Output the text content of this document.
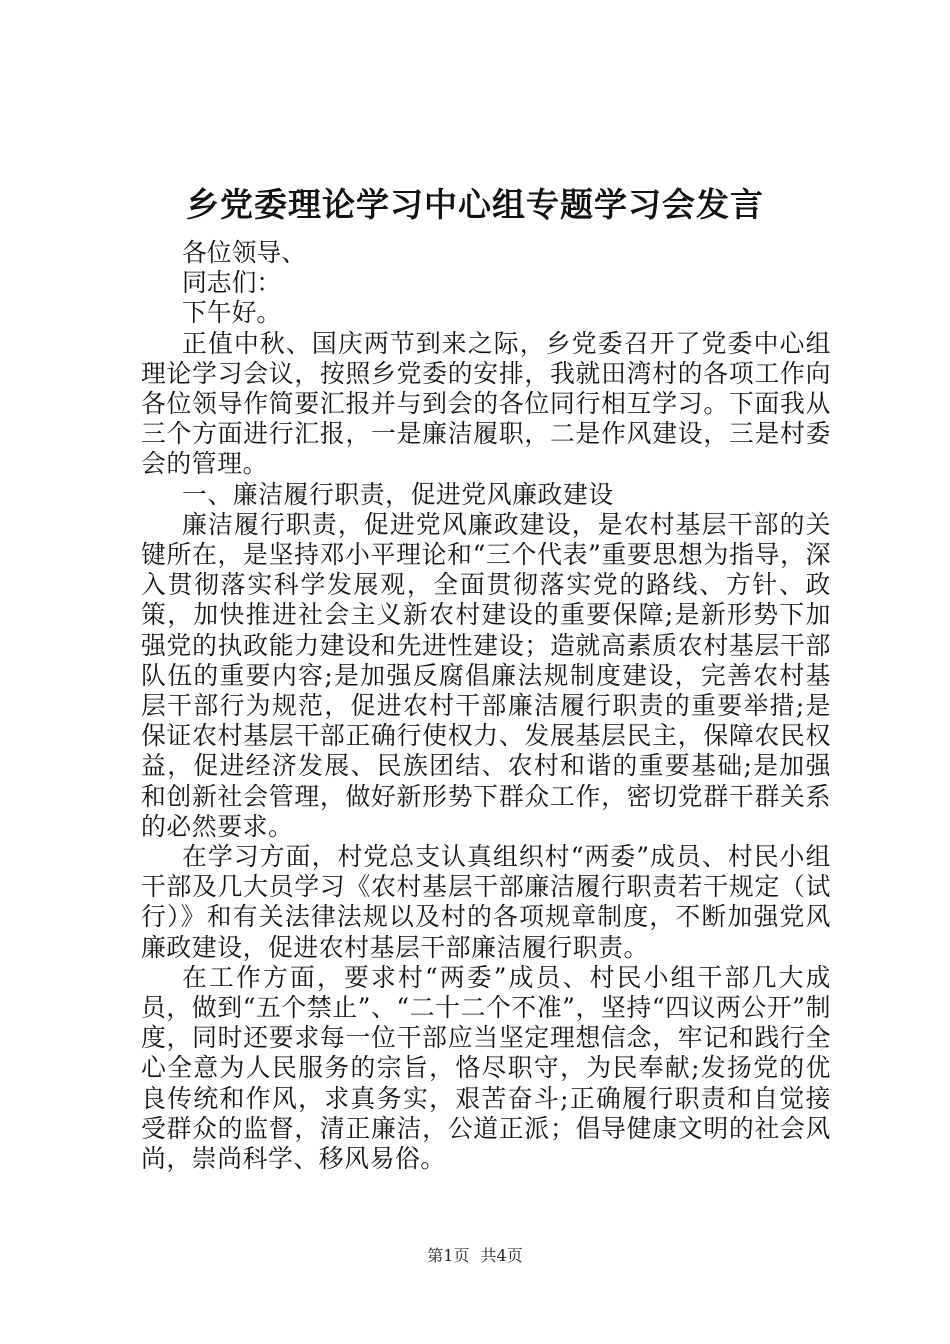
乡党委理论学习中心组专题学习会发言

各位领导、

同志们：

下午好。

正值中秋、国庆两节到来之际，乡党委召开了党委中心组理论学习会议，按照乡党委的安排，我就田湾村的各项工作向各位领导作简要汇报并与到会的各位同行相互学习。下面我从三个方面进行汇报，一是廉洁履职，二是作风建设，三是村委会的管理。

一、廉洁履行职责，促进党风廉政建设

廉洁履行职责，促进党风廉政建设，是农村基层干部的关键所在，是坚持邓小平理论和“三个代表”重要思想为指导，深入贯彻落实科学发展观，全面贯彻落实党的路线、方针、政策，加快推进社会主义新农村建设的重要保障;是新形势下加强党的执政能力建设和先进性建设；造就高素质农村基层干部队伍的重要内容;是加强反腐倡廉法规制度建设，完善农村基层干部行为规范，促进农村干部廉洁履行职责的重要举措;是保证农村基层干部正确行使权力、发展基层民主，保障农民权益，促进经济发展、民族团结、农村和谐的重要基础;是加强和创新社会管理，做好新形势下群众工作，密切党群干群关系的必然要求。

在学习方面，村党总支认真组织村“两委”成员、村民小组干部及几大员学习《农村基层干部廉洁履行职责若干规定（试行）》和有关法律法规以及村的各项规章制度，不断加强党风廉政建设，促进农村基层干部廉洁履行职责。

在工作方面，要求村“两委”成员、村民小组干部几大成员，做到“五个禁止”、“二十二个不准”，坚持“四议两公开”制度，同时还要求每一位干部应当坚定理想信念，牢记和践行全心全意为人民服务的宗旨，恪尽职守，为民奉献;发扬党的优良传统和作风，求真务实，艰苦奋斗;正确履行职责和自觉接受群众的监督，清正廉洁，公道正派；倡导健康文明的社会风尚，崇尚科学、移风易俗。

第1页 共4页
